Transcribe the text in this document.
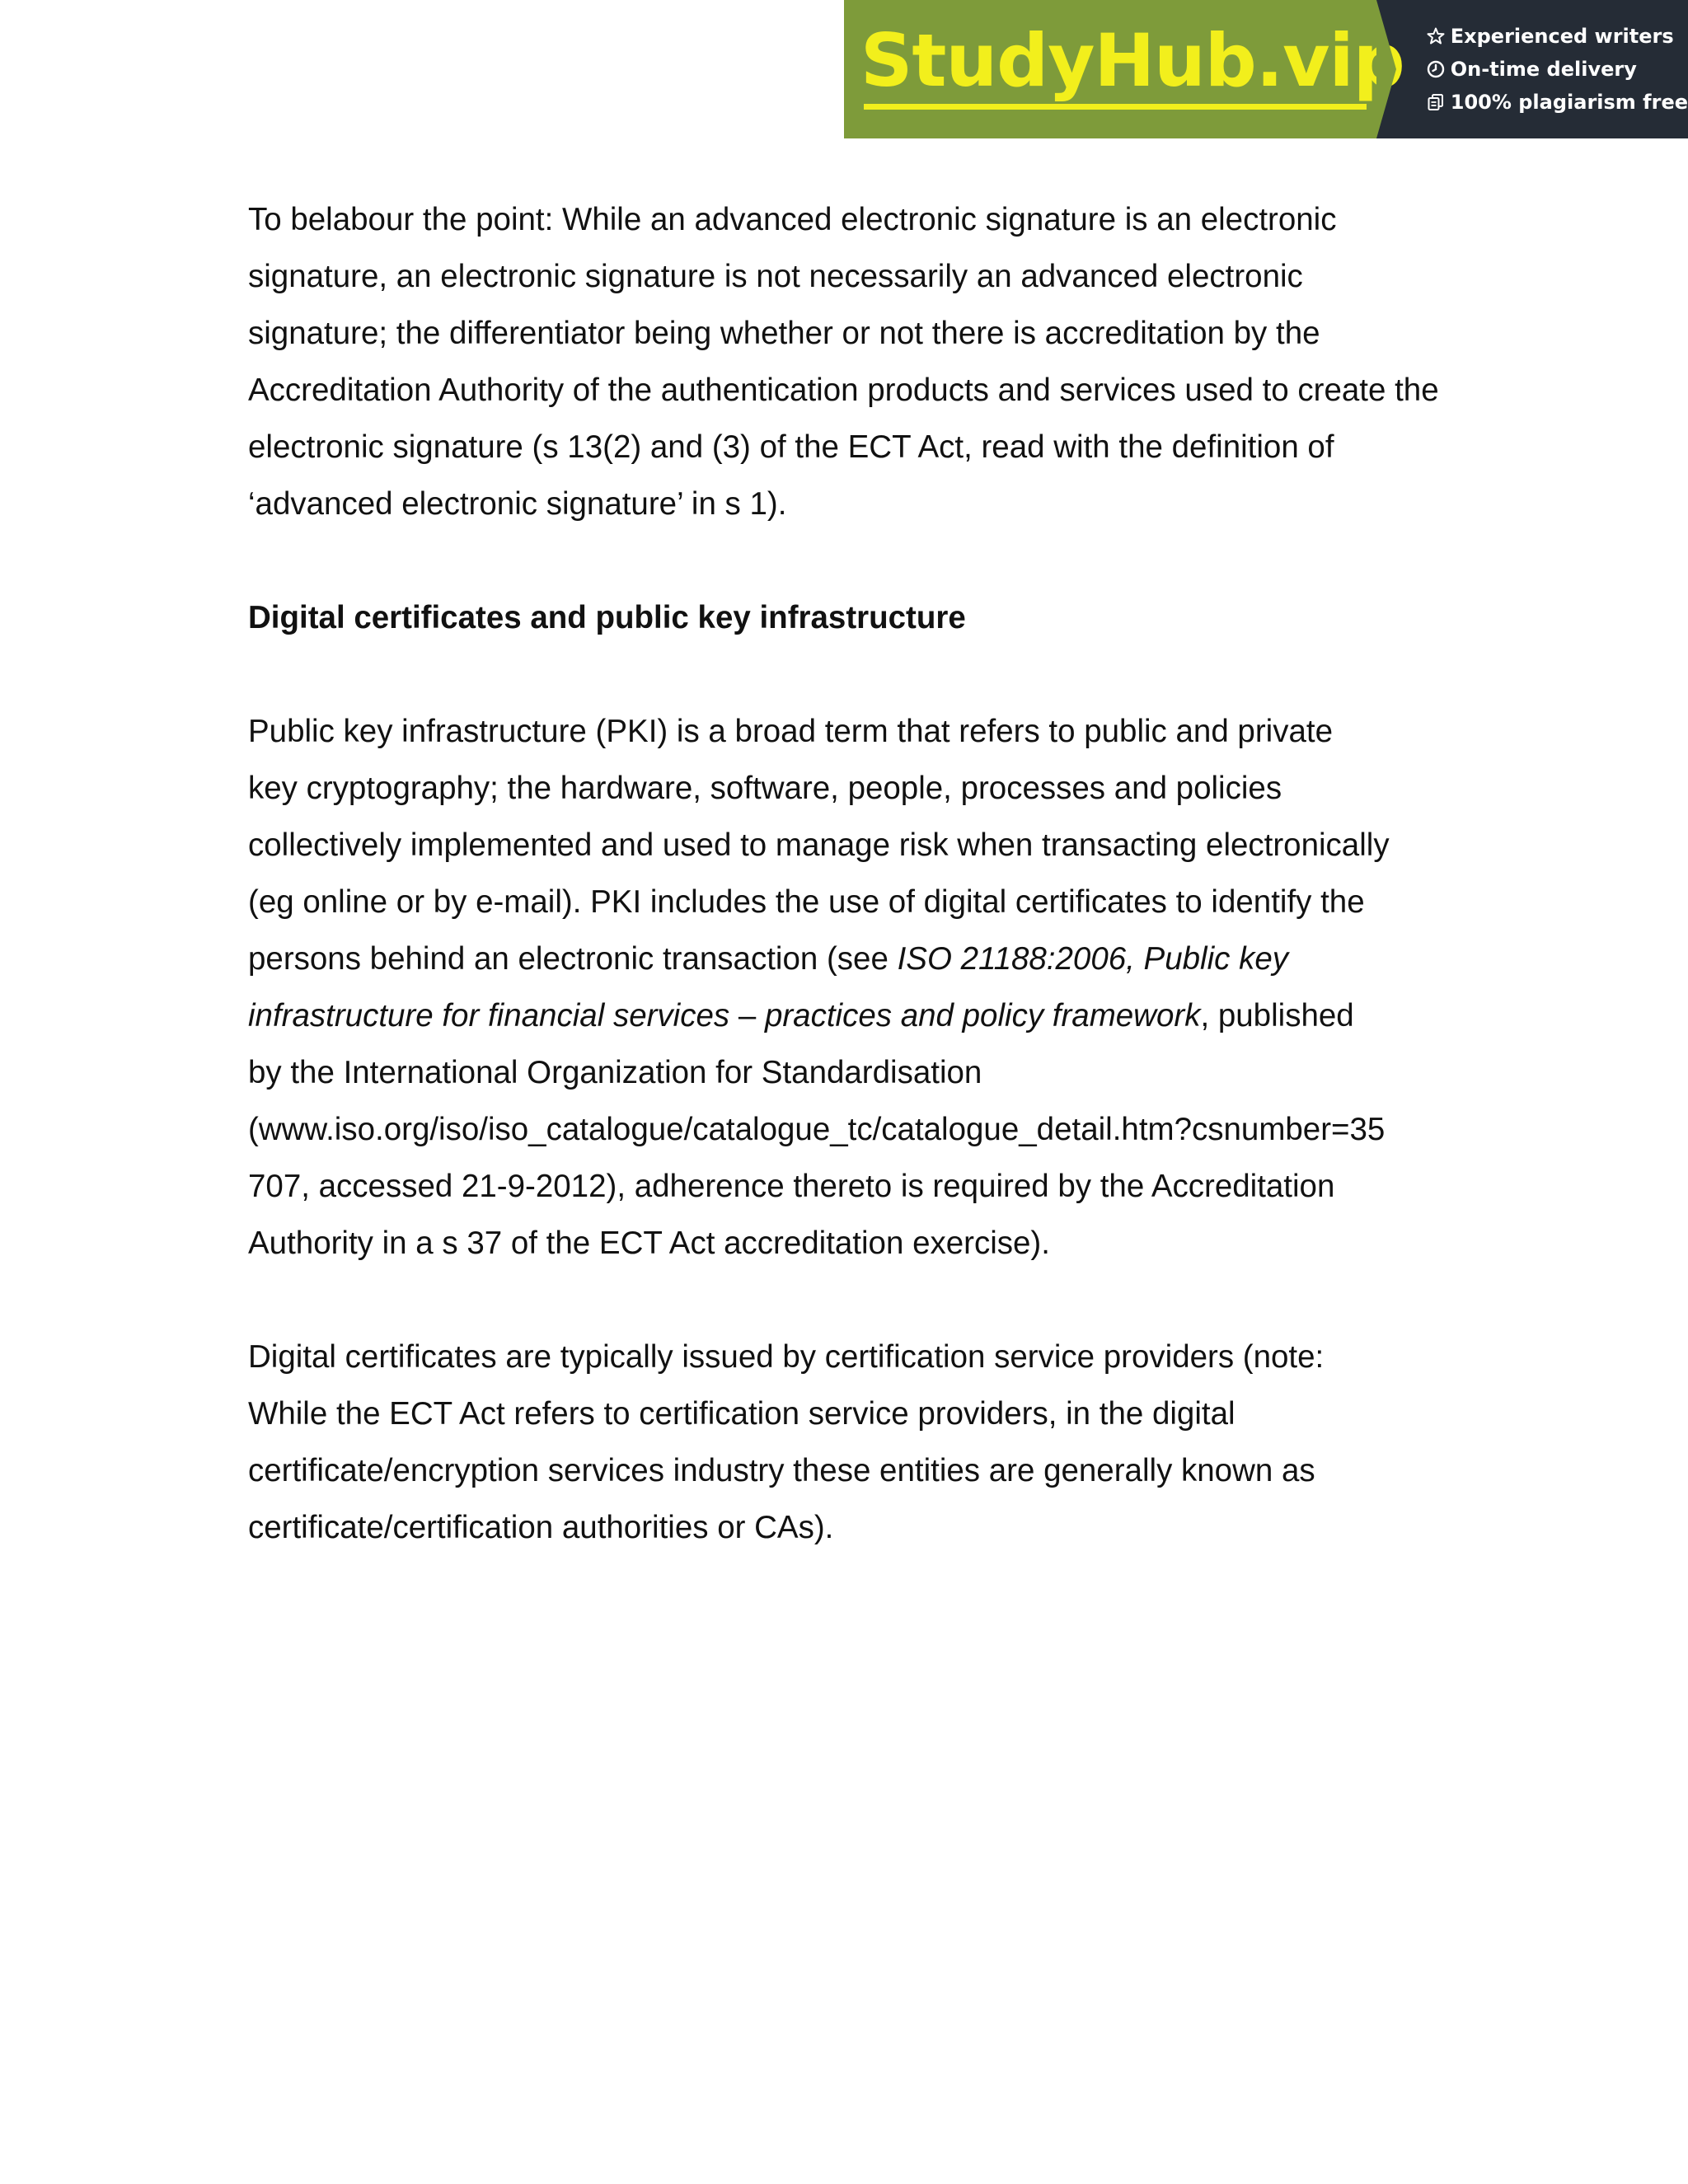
StudyHub.vip Experienced writers
On-time delivery
100% plagiarism free

To belabour the point: While an advanced electronic signature is an electronic

signature, an electronic signature is not necessarily an advanced electronic

signature; the differentiator being whether or not there is accreditation by the

Accreditation Authority of the authentication products and services used to create the

electronic signature (s 13(2) and (3) of the ECT Act, read with the definition of

‘advanced electronic signature’ in s 1).

Digital certificates and public key infrastructure

Public key infrastructure (PKI) is a broad term that refers to public and private

key cryptography; the hardware, software, people, processes and policies

collectively implemented and used to manage risk when transacting electronically

(eg online or by e-mail). PKI includes the use of digital certificates to identify the

persons behind an electronic transaction (see ISO 21188:2006, Public key

infrastructure for financial services – practices and policy framework, published

by the International Organization for Standardisation

(www.iso.org/iso/iso_catalogue/catalogue_tc/catalogue_detail.htm?csnumber=35

707, accessed 21-9-2012), adherence thereto is required by the Accreditation

Authority in a s 37 of the ECT Act accreditation exercise).

Digital certificates are typically issued by certification service providers (note:

While the ECT Act refers to certification service providers, in the digital

certificate/encryption services industry these entities are generally known as

certificate/certification authorities or CAs).
